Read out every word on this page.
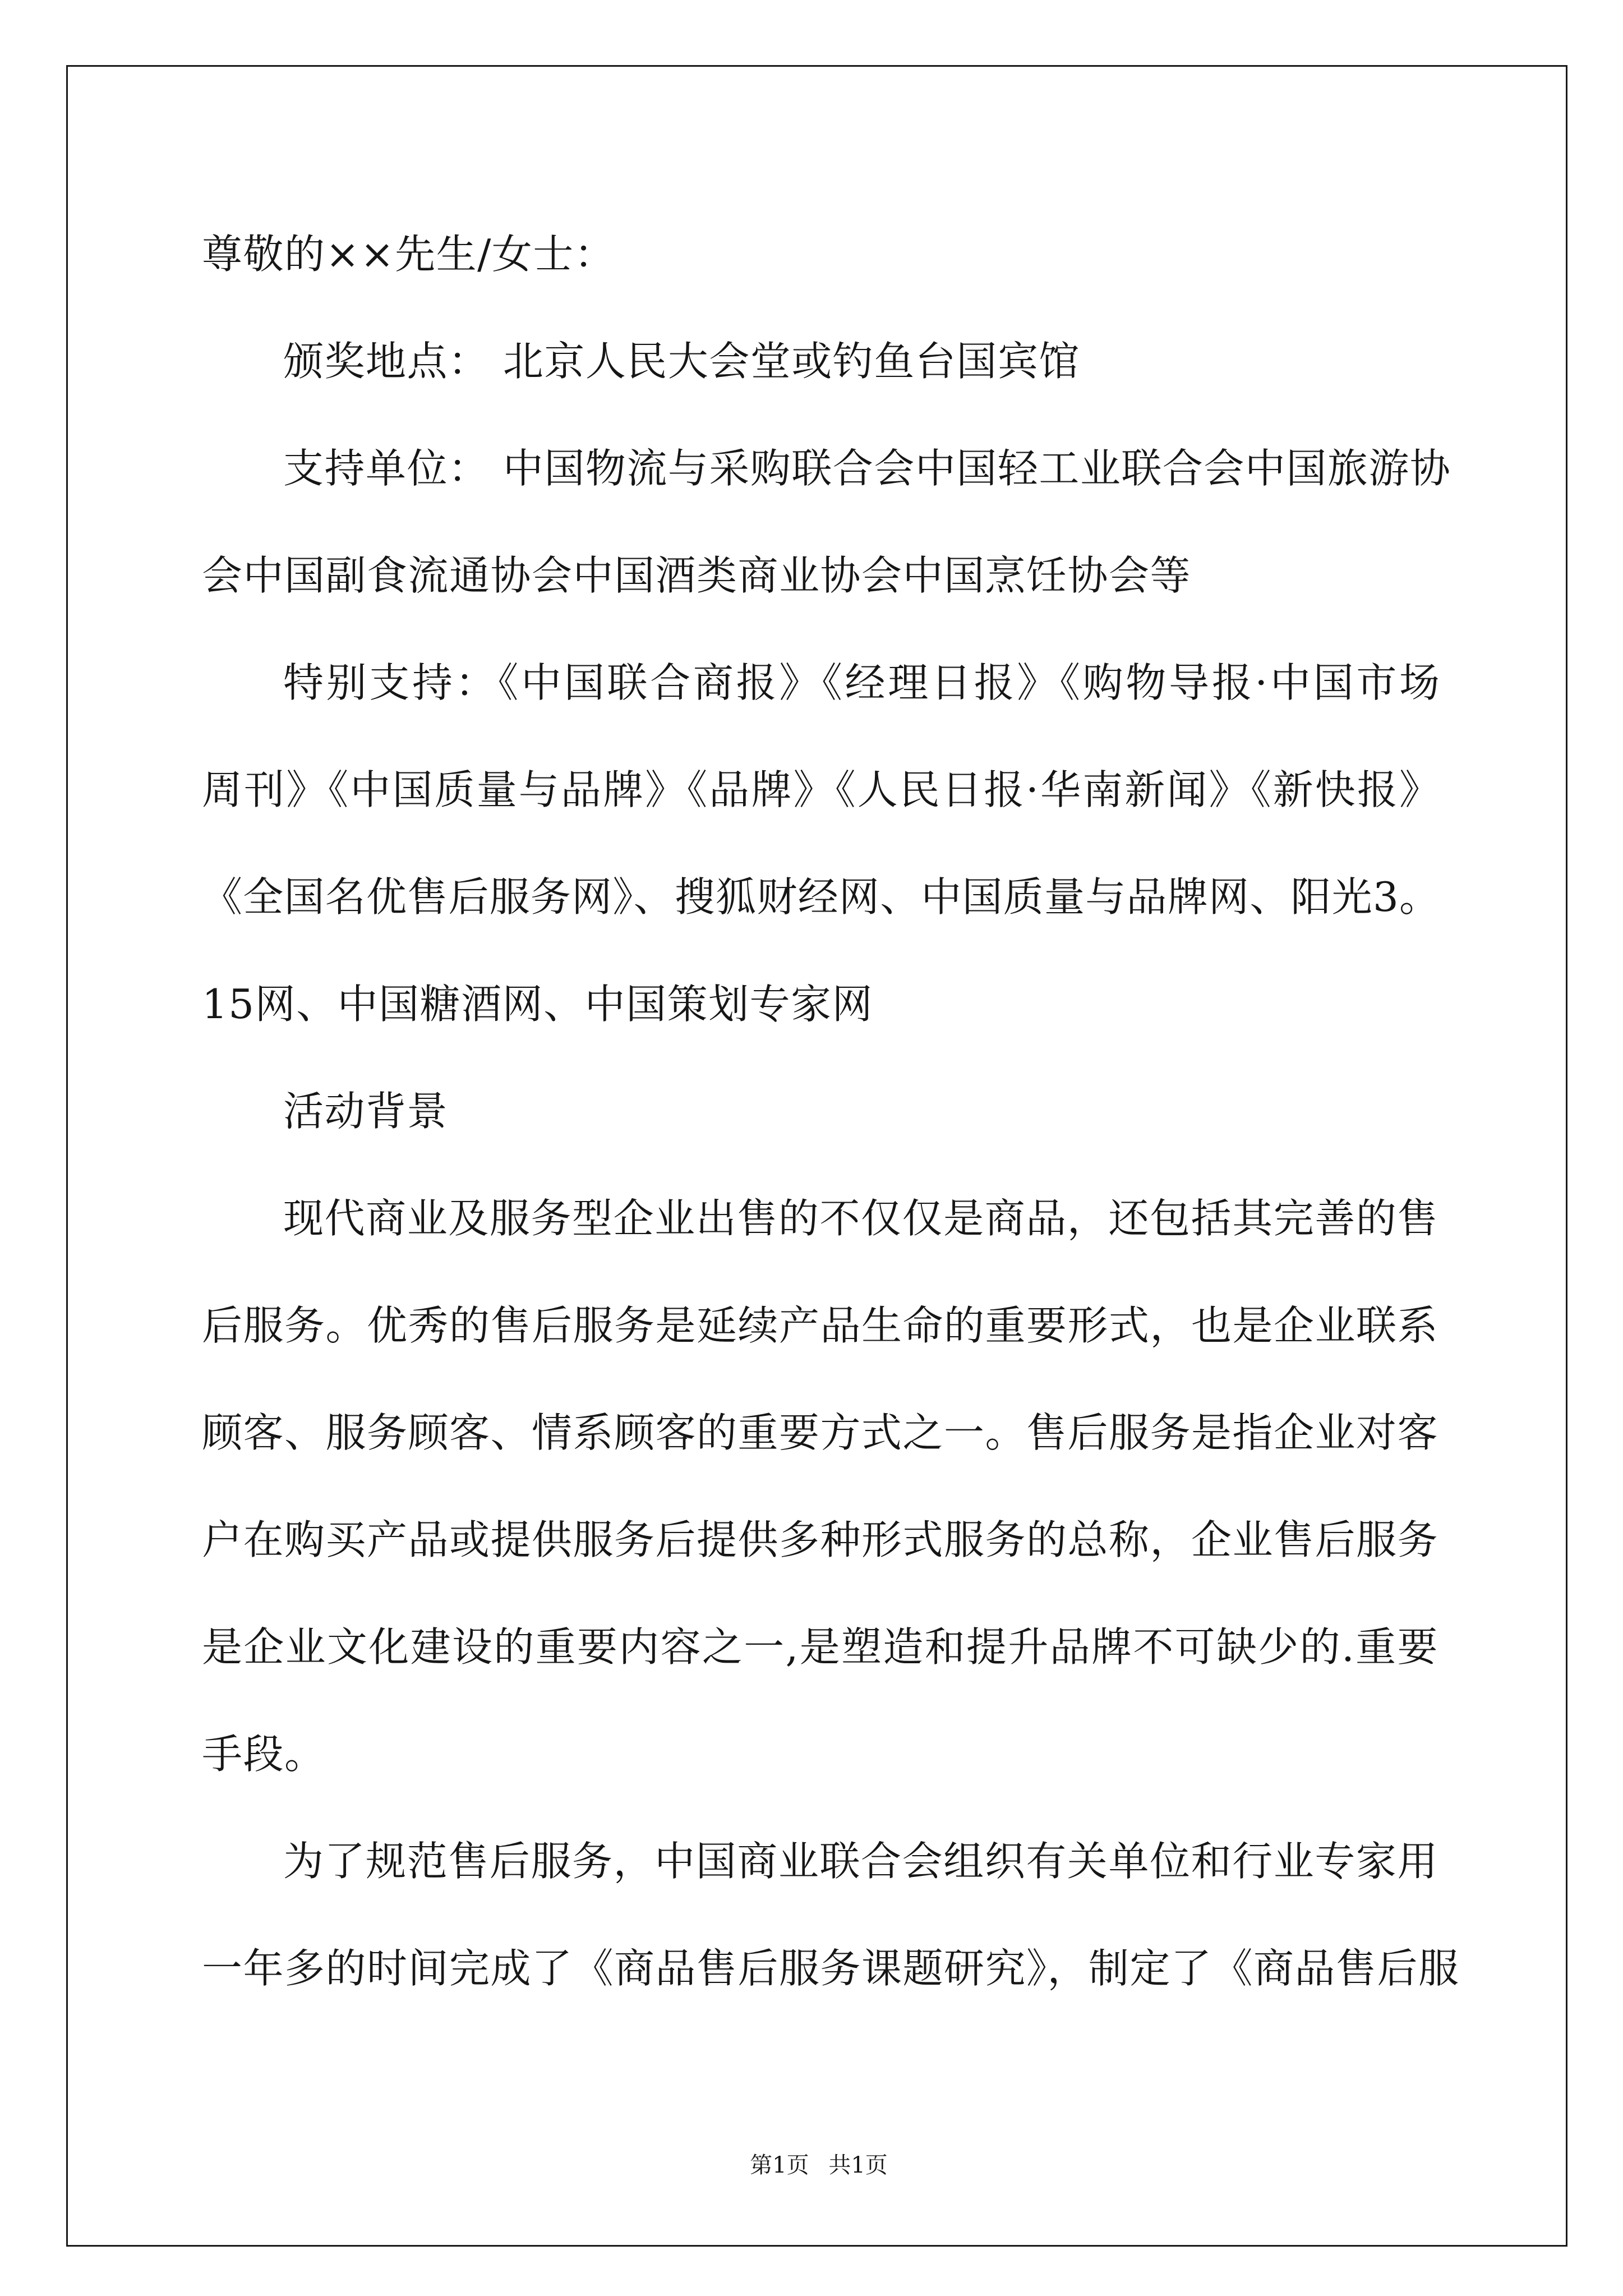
尊敬的××先生/女士：
颁奖地点： 北京人民大会堂或钓鱼台国宾馆
支持单位： 中国物流与采购联合会中国轻工业联合会中国旅游协
会中国副食流通协会中国酒类商业协会中国烹饪协会等
特别支持：《中国联合商报》《经理日报》《购物导报·中国市场
周刊》《中国质量与品牌》《品牌》《人民日报·华南新闻》《新快报》
《全国名优售后服务网》、搜狐财经网、中国质量与品牌网、阳光3。
15网、中国糖酒网、中国策划专家网
活动背景
现代商业及服务型企业出售的不仅仅是商品，还包括其完善的售
后服务。优秀的售后服务是延续产品生命的重要形式，也是企业联系
顾客、服务顾客、情系顾客的重要方式之一。售后服务是指企业对客
户在购买产品或提供服务后提供多种形式服务的总称，企业售后服务
是企业文化建设的重要内容之一,是塑造和提升品牌不可缺少的.重要
手段。
为了规范售后服务，中国商业联合会组织有关单位和行业专家用
一年多的时间完成了《商品售后服务课题研究》，制定了《商品售后服
第1页 共1页
